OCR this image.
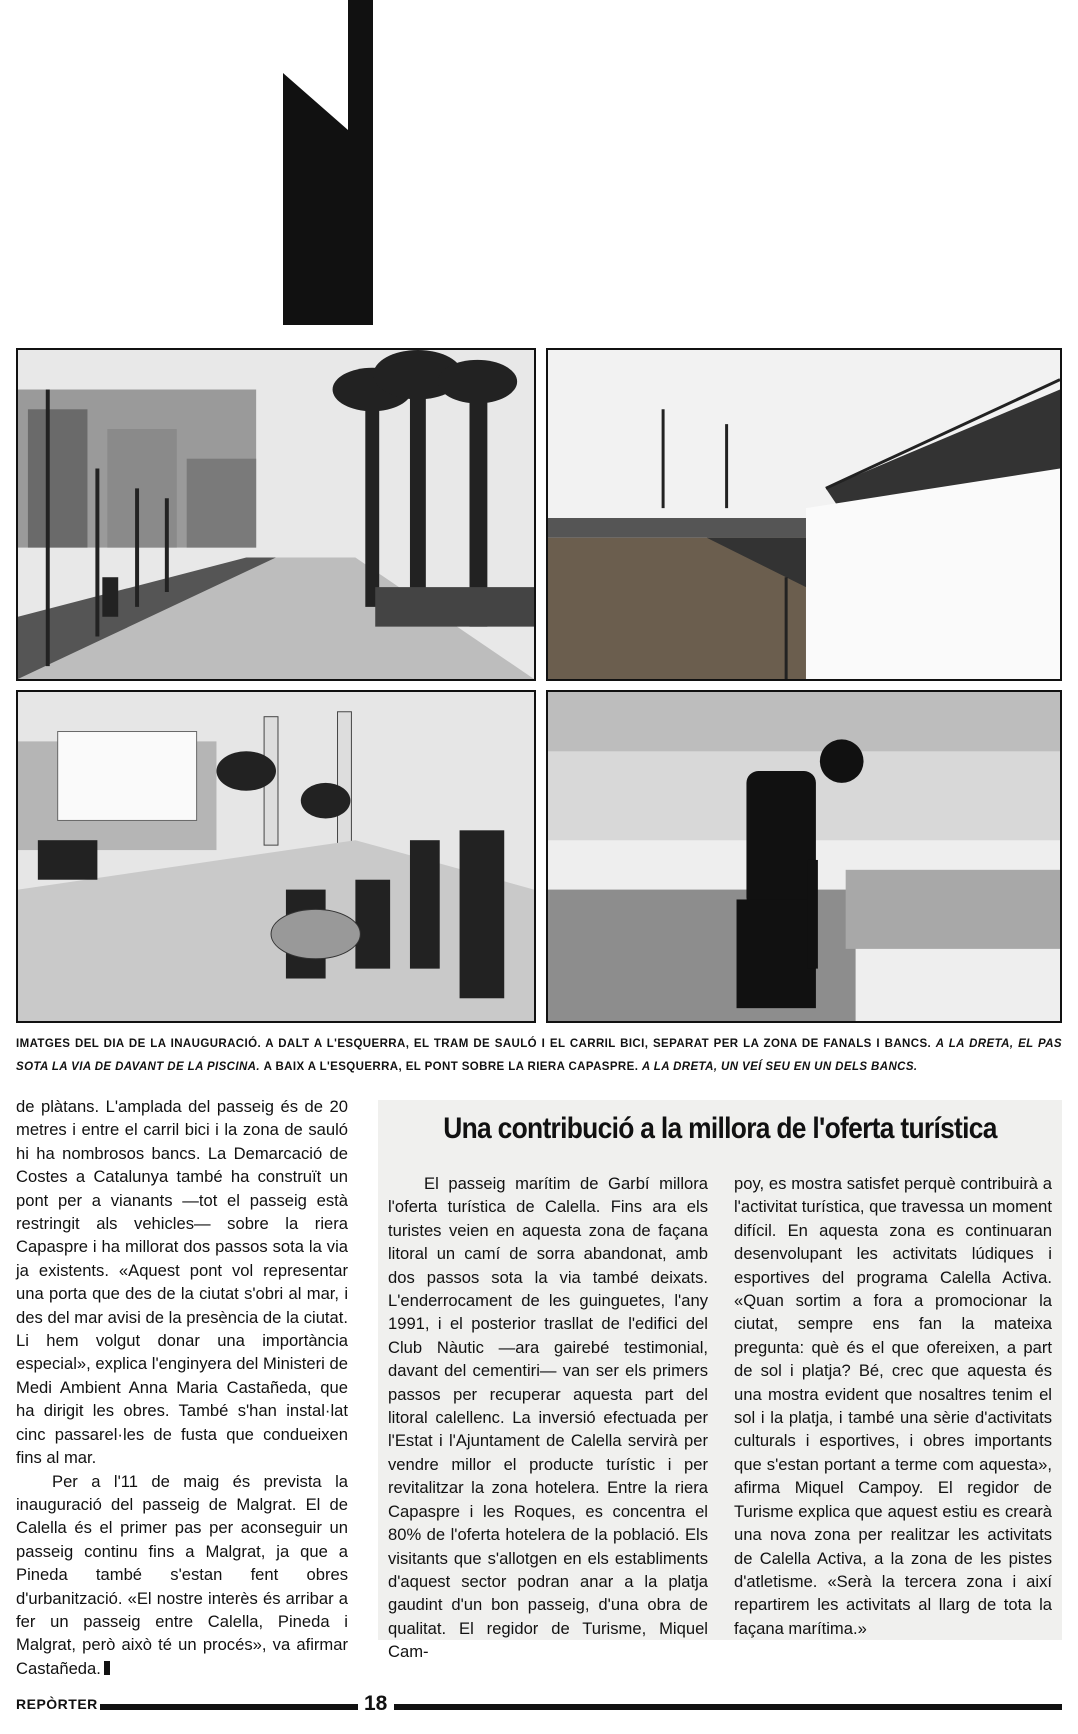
IMATGES DEL DIA DE LA INAUGURACIÓ. A DALT A L'ESQUERRA, EL TRAM DE SAULÓ I EL CARRIL BICI, SEPARAT PER LA ZONA DE FANALS I BANCS. A LA DRETA, EL PAS SOTA LA VIA DE DAVANT DE LA PISCINA. A BAIX A L'ESQUERRA, EL PONT SOBRE LA RIERA CAPASPRE. A LA DRETA, UN VEÍ SEU EN UN DELS BANCS.

de plàtans. L'amplada del passeig és de 20 metres i entre el carril bici i la zona de sauló hi ha nombrosos bancs. La Demarcació de Costes a Catalunya també ha construït un pont per a vianants —tot el passeig està restringit als vehicles— sobre la riera Capaspre i ha millorat dos passos sota la via ja existents. «Aquest pont vol representar una porta que des de la ciutat s'obri al mar, i des del mar avisi de la presència de la ciutat. Li hem volgut donar una importància especial», explica l'enginyera del Ministeri de Medi Ambient Anna Maria Castañeda, que ha dirigit les obres. També s'han instal·lat cinc passarel·les de fusta que condueixen fins al mar.

Per a l'11 de maig és prevista la inauguració del passeig de Malgrat. El de Calella és el primer pas per aconseguir un passeig continu fins a Malgrat, ja que a Pineda també s'estan fent obres d'urbanització. «El nostre interès és arribar a fer un passeig entre Calella, Pineda i Malgrat, però això té un procés», va afirmar Castañeda.

Una contribució a la millora de l'oferta turística

El passeig marítim de Garbí millora l'oferta turística de Calella. Fins ara els turistes veien en aquesta zona de façana litoral un camí de sorra abandonat, amb dos passos sota la via també deixats. L'enderrocament de les guinguetes, l'any 1991, i el posterior trasllat de l'edifici del Club Nàutic —ara gairebé testimonial, davant del cementiri— van ser els primers passos per recuperar aquesta part del litoral calellenc. La inversió efectuada per l'Estat i l'Ajuntament de Calella servirà per vendre millor el producte turístic i per revitalitzar la zona hotelera. Entre la riera Capaspre i les Roques, es concentra el 80% de l'oferta hotelera de la població. Els visitants que s'allotgen en els establiments d'aquest sector podran anar a la platja gaudint d'un bon passeig, d'una obra de qualitat. El regidor de Turisme, Miquel Cam-

poy, es mostra satisfet perquè contribuirà a l'activitat turística, que travessa un moment difícil. En aquesta zona es continuaran desenvolupant les activitats lúdiques i esportives del programa Calella Activa. «Quan sortim a fora a promocionar la ciutat, sempre ens fan la mateixa pregunta: què és el que ofereixen, a part de sol i platja? Bé, crec que aquesta és una mostra evident que nosaltres tenim el sol i la platja, i també una sèrie d'activitats culturals i esportives, i obres importants que s'estan portant a terme com aquesta», afirma Miquel Campoy. El regidor de Turisme explica que aquest estiu es crearà una nova zona per realitzar les activitats de Calella Activa, a la zona de les pistes d'atletisme. «Serà la tercera zona i així repartirem les activitats al llarg de tota la façana marítima.»

REPÒRTER	18
